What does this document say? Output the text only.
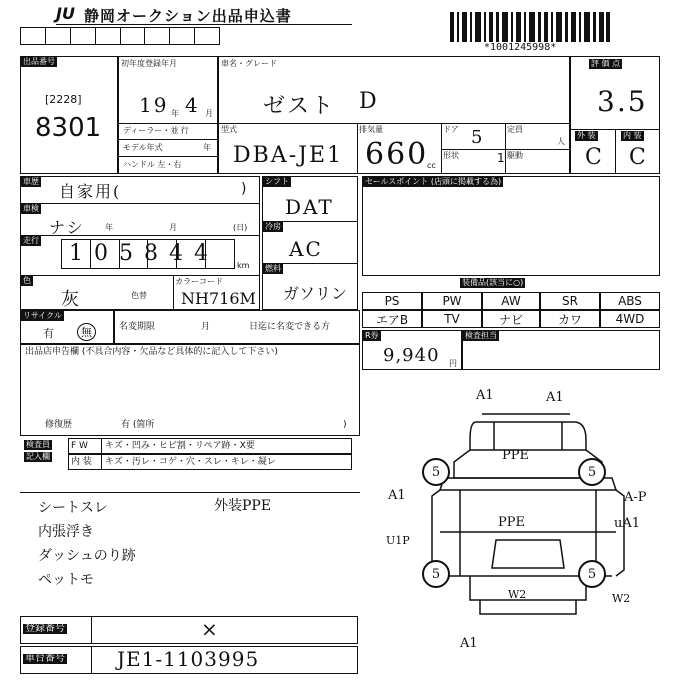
JU 静岡オークション出品申込書
*1001245998*
出品番号
[2228]
8301
初年度登録年月
19 年 4 月
ディーラー・並 行
モデル年式	年
ハンドル 左・右
車名・グレード
ゼスト D
型式
DBA-JE1
排気量
660
cc
ドア 5	定員
人
形状	1 駆動
評 価 点
3.5
外 装	内 装
C C
車歴
自家用(	)
車検
ナシ	年	月	(日)
走行
105844 km
色
灰	色替
カラーコード
NH716M
シフト
DAT
冷房
AC
燃料
ガソリン
セールスポイント (店頭に掲載する為)
装備品(該当に○)
PS	PW	AW	SR	ABS
エアB	TV	ナビ	カワ	4WD
リサイクル
有	無	名変期限	月	日迄に名変できる方
R券
9,940 円
検査担当
出品店申告欄 (不具合内容・欠品など具体的に記入して下さい)
修復歴	有 (箇所	)
検査員
記入欄
F W キズ・凹み・ヒビ割・リペア跡・X要
内 装 キズ・汚レ・コゲ・穴・スレ・キレ・凝レ
シートスレ	外装PPE
内張浮き
ダッシュのり跡
ペットモ
5	5
5	5
A1	A1
PPE
A1
PPE
A-P
uA1
U1P
W2	W2
A1
登録番号	×
車台番号	JE1-1103995
